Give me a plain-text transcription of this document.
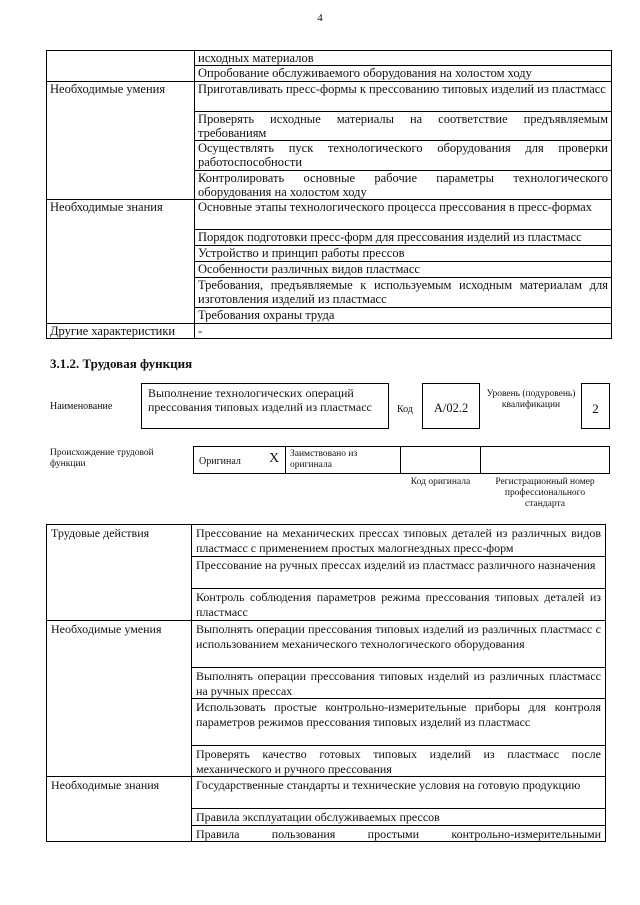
4
	исходных материалов
	Опробование обслуживаемого оборудования на холостом ходу
Необходимые умения	Приготавливать пресс-формы к прессованию типовых изделий из пластмасс
	Проверять исходные материалы на соответствие предъявляемым требованиям
	Осуществлять пуск технологического оборудования для проверки работоспособности
	Контролировать основные рабочие параметры технологического оборудования на холостом ходу
Необходимые знания	Основные этапы технологического процесса прессования в пресс-формах
	Порядок подготовки пресс-форм для прессования изделий из пластмасс
	Устройство и принцип работы прессов
	Особенности различных видов пластмасс
	Требования, предъявляемые к используемым исходным материалам для изготовления изделий из пластмасс
	Требования охраны труда
Другие характеристики	-
3.1.2. Трудовая функция
Наименование
Выполнение технологических операций прессования типовых изделий из пластмасс	Код	А/02.2
Уровень (подуровень) квалификации	2
Происхождение трудовой функции	Оригинал X	Заимствовано из оригинала
Код оригинала	Регистрационный номер профессионального стандарта
Трудовые действия	Прессование на механических прессах типовых деталей из различных видов пластмасс с применением простых малогнездных пресс-форм
	Прессование на ручных прессах изделий из пластмасс различного назначения
	Контроль соблюдения параметров режима прессования типовых деталей из пластмасс
Необходимые умения	Выполнять операции прессования типовых изделий из различных пластмасс с использованием механического технологического оборудования
	Выполнять операции прессования типовых изделий из различных пластмасс на ручных прессах
	Использовать простые контрольно-измерительные приборы для контроля параметров режимов прессования типовых изделий из пластмасс
	Проверять качество готовых типовых изделий из пластмасс после механического и ручного прессования
Необходимые знания	Государственные стандарты и технические условия на готовую продукцию
	Правила эксплуатации обслуживаемых прессов
	Правила пользования простыми контрольно-измерительными
